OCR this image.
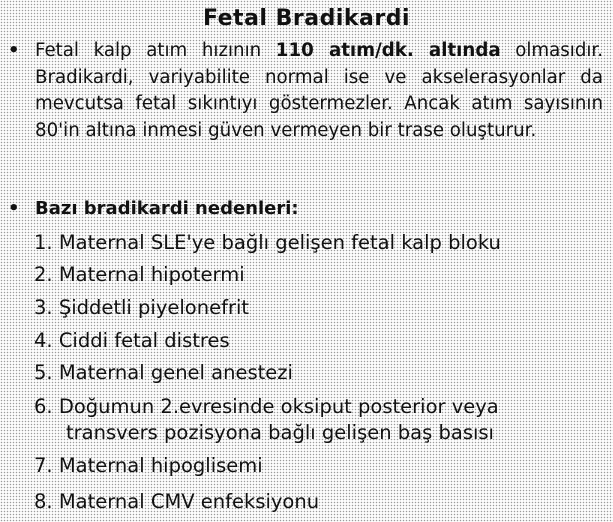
Fetal Bradikardi
• Fetal kalp atım hızının 110 atım/dk. altında olmasıdır. Bradikardi, variyabilite normal ise ve akselerasyonlar da mevcutsa fetal sıkıntıyı göstermezler. Ancak atım sayısının 80'in altına inmesi güven vermeyen bir trase oluşturur.
• Bazı bradikardi nedenleri:
1. Maternal SLE'ye bağlı gelişen fetal kalp bloku
2. Maternal hipotermi
3. Şiddetli piyelonefrit
4. Ciddi fetal distres
5. Maternal genel anestezi
6. Doğumun 2.evresinde oksiput posterior veya
transvers pozisyona bağlı gelişen baş basısı
7. Maternal hipoglisemi
8. Maternal CMV enfeksiyonu
